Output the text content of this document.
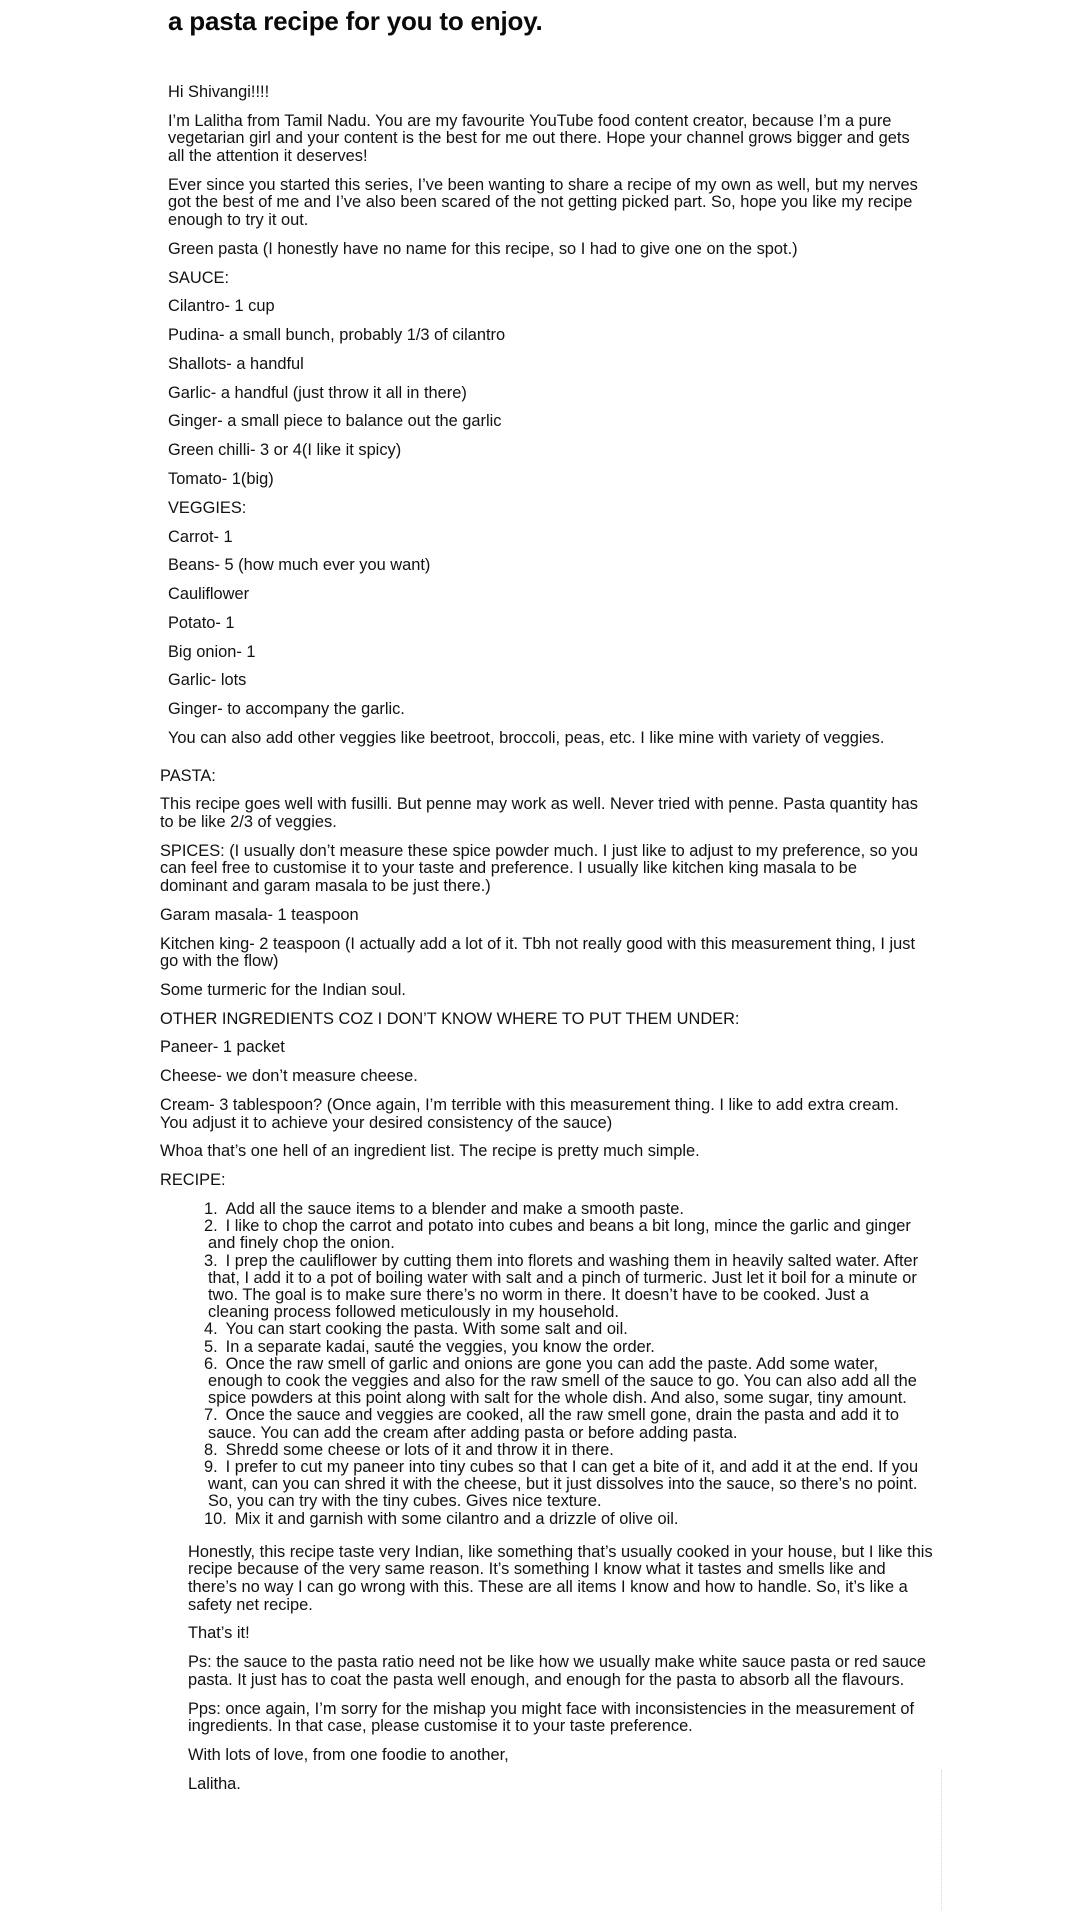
a pasta recipe for you to enjoy.

Hi Shivangi!!!!

I’m Lalitha from Tamil Nadu. You are my favourite YouTube food content creator, because I’m a pure vegetarian girl and your content is the best for me out there. Hope your channel grows bigger and gets all the attention it deserves!

Ever since you started this series, I’ve been wanting to share a recipe of my own as well, but my nerves got the best of me and I’ve also been scared of the not getting picked part. So, hope you like my recipe enough to try it out.

Green pasta (I honestly have no name for this recipe, so I had to give one on the spot.)

SAUCE:

Cilantro- 1 cup

Pudina- a small bunch, probably 1/3 of cilantro

Shallots- a handful

Garlic- a handful (just throw it all in there)

Ginger- a small piece to balance out the garlic

Green chilli- 3 or 4(I like it spicy)

Tomato- 1(big)

VEGGIES:

Carrot- 1

Beans- 5 (how much ever you want)

Cauliflower

Potato- 1

Big onion- 1

Garlic- lots

Ginger- to accompany the garlic.

You can also add other veggies like beetroot, broccoli, peas, etc. I like mine with variety of veggies.

PASTA:

This recipe goes well with fusilli. But penne may work as well. Never tried with penne. Pasta quantity has to be like 2/3 of veggies.

SPICES: (I usually don’t measure these spice powder much. I just like to adjust to my preference, so you can feel free to customise it to your taste and preference. I usually like kitchen king masala to be dominant and garam masala to be just there.)

Garam masala- 1 teaspoon

Kitchen king- 2 teaspoon (I actually add a lot of it. Tbh not really good with this measurement thing, I just go with the flow)

Some turmeric for the Indian soul.

OTHER INGREDIENTS COZ I DON’T KNOW WHERE TO PUT THEM UNDER:

Paneer- 1 packet

Cheese- we don’t measure cheese.

Cream- 3 tablespoon? (Once again, I’m terrible with this measurement thing. I like to add extra cream. You adjust it to achieve your desired consistency of the sauce)

Whoa that’s one hell of an ingredient list. The recipe is pretty much simple.

RECIPE:

1. Add all the sauce items to a blender and make a smooth paste.
2. I like to chop the carrot and potato into cubes and beans a bit long, mince the garlic and ginger and finely chop the onion.
3. I prep the cauliflower by cutting them into florets and washing them in heavily salted water. After that, I add it to a pot of boiling water with salt and a pinch of turmeric. Just let it boil for a minute or two. The goal is to make sure there’s no worm in there. It doesn’t have to be cooked. Just a cleaning process followed meticulously in my household.
4. You can start cooking the pasta. With some salt and oil.
5. In a separate kadai, sauté the veggies, you know the order.
6. Once the raw smell of garlic and onions are gone you can add the paste. Add some water, enough to cook the veggies and also for the raw smell of the sauce to go. You can also add all the spice powders at this point along with salt for the whole dish. And also, some sugar, tiny amount.
7. Once the sauce and veggies are cooked, all the raw smell gone, drain the pasta and add it to sauce. You can add the cream after adding pasta or before adding pasta.
8. Shredd some cheese or lots of it and throw it in there.
9. I prefer to cut my paneer into tiny cubes so that I can get a bite of it, and add it at the end. If you want, can you can shred it with the cheese, but it just dissolves into the sauce, so there’s no point. So, you can try with the tiny cubes. Gives nice texture.
10. Mix it and garnish with some cilantro and a drizzle of olive oil.

Honestly, this recipe taste very Indian, like something that’s usually cooked in your house, but I like this recipe because of the very same reason. It’s something I know what it tastes and smells like and there’s no way I can go wrong with this. These are all items I know and how to handle. So, it’s like a safety net recipe.

That’s it!

Ps: the sauce to the pasta ratio need not be like how we usually make white sauce pasta or red sauce pasta. It just has to coat the pasta well enough, and enough for the pasta to absorb all the flavours.

Pps: once again, I’m sorry for the mishap you might face with inconsistencies in the measurement of ingredients. In that case, please customise it to your taste preference.

With lots of love, from one foodie to another,

Lalitha.
